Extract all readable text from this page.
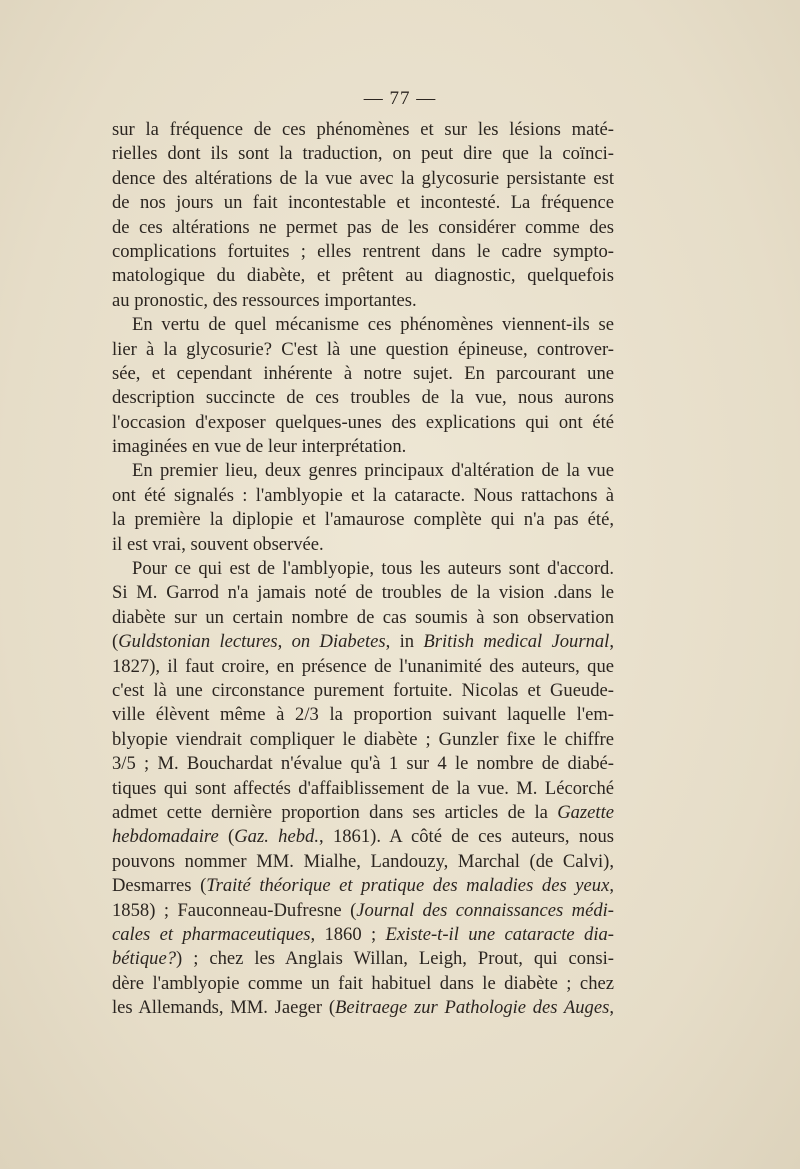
— 77 —
sur la fréquence de ces phénomènes et sur les lésions maté-
rielles dont ils sont la traduction, on peut dire que la coïnci-
dence des altérations de la vue avec la glycosurie persistante est
de nos jours un fait incontestable et incontesté. La fréquence
de ces altérations ne permet pas de les considérer comme des
complications fortuites ; elles rentrent dans le cadre sympto-
matologique du diabète, et prêtent au diagnostic, quelquefois
au pronostic, des ressources importantes.
En vertu de quel mécanisme ces phénomènes viennent-ils se
lier à la glycosurie? C'est là une question épineuse, controver-
sée, et cependant inhérente à notre sujet. En parcourant une
description succincte de ces troubles de la vue, nous aurons
l'occasion d'exposer quelques-unes des explications qui ont été
imaginées en vue de leur interprétation.
En premier lieu, deux genres principaux d'altération de la vue
ont été signalés : l'amblyopie et la cataracte. Nous rattachons à
la première la diplopie et l'amaurose complète qui n'a pas été,
il est vrai, souvent observée.
Pour ce qui est de l'amblyopie, tous les auteurs sont d'accord.
Si M. Garrod n'a jamais noté de troubles de la vision .dans le
diabète sur un certain nombre de cas soumis à son observation
(Guldstonian lectures, on Diabetes, in British medical Journal,
1827), il faut croire, en présence de l'unanimité des auteurs, que
c'est là une circonstance purement fortuite. Nicolas et Gueude-
ville élèvent même à 2/3 la proportion suivant laquelle l'em-
blyopie viendrait compliquer le diabète ; Gunzler fixe le chiffre
3/5 ; M. Bouchardat n'évalue qu'à 1 sur 4 le nombre de diabé-
tiques qui sont affectés d'affaiblissement de la vue. M. Lécorché
admet cette dernière proportion dans ses articles de la Gazette
hebdomadaire (Gaz. hebd., 1861). A côté de ces auteurs, nous
pouvons nommer MM. Mialhe, Landouzy, Marchal (de Calvi),
Desmarres (Traité théorique et pratique des maladies des yeux,
1858) ; Fauconneau-Dufresne (Journal des connaissances médi-
cales et pharmaceutiques, 1860 ; Existe-t-il une cataracte dia-
bétique?) ; chez les Anglais Willan, Leigh, Prout, qui consi-
dère l'amblyopie comme un fait habituel dans le diabète ; chez
les Allemands, MM. Jaeger (Beitraege zur Pathologie des Auges,
